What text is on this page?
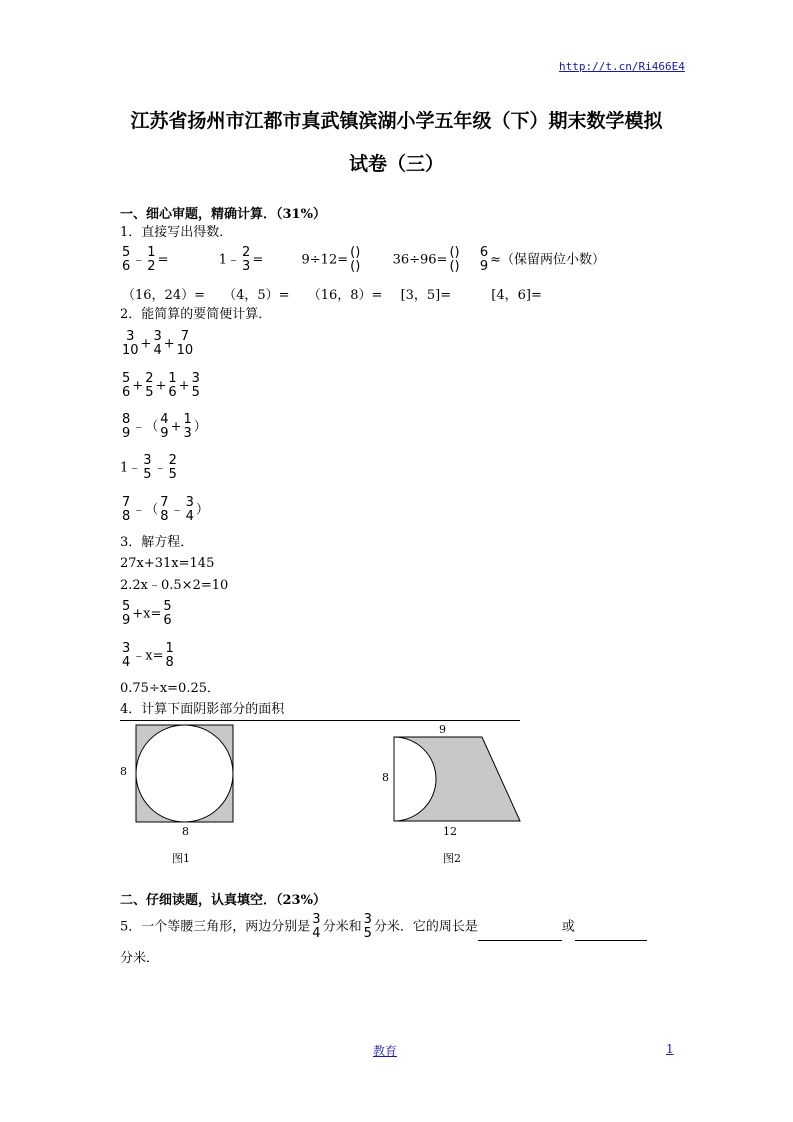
http://t.cn/Ri466E4
江苏省扬州市江都市真武镇滨湖小学五年级（下）期末数学模拟
试卷（三）
一、细心审题，精确计算．（31%）
1．直接写出得数．
5
6 ﹣ 1
2 =	1﹣ 2
3 =	9÷12= ()
() 36÷96= ()
()

6
9 ≈（保留两位小数）
（16，24）= （4，5）= （16，8）= [3，5]=	[4，6]=
2．能简算的要简便计算．
3
10 + 3
4 + 7
10
5
6 + 2
5 + 1
6 + 3
5
8
9 ﹣（ 4
9 + 1
3 ）
1﹣ 3
5 ﹣ 2
5
7
8 ﹣（ 7
8 ﹣ 3
4 ）
3．解方程．
27x+31x=145
2.2x﹣0.5×2=10
5
9 +x= 5
6
3
4 ﹣x= 1
8
0.75÷x=0.25．
4．计算下面阴影部分的面积
8
8
图1
9
8
12
图2
二、仔细读题，认真填空．（23%）
5．一个等腰三角形，两边分别是 3
4 分米和 3
5 分米．它的周长是	或
分米．
教育	1
